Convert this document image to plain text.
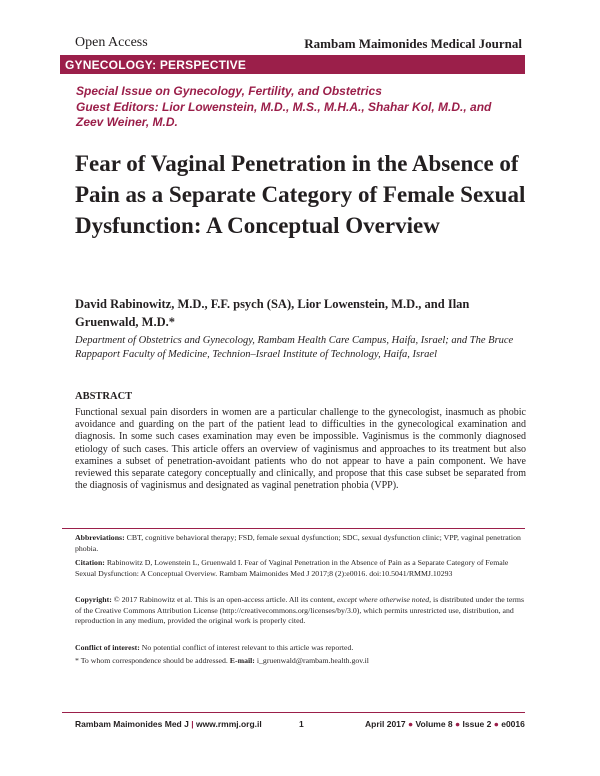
Open Access	Rambam Maimonides Medical Journal
GYNECOLOGY: PERSPECTIVE
Special Issue on Gynecology, Fertility, and Obstetrics
Guest Editors: Lior Lowenstein, M.D., M.S., M.H.A., Shahar Kol, M.D., and
Zeev Weiner, M.D.
Fear of Vaginal Penetration in the Absence of Pain as a Separate Category of Female Sexual Dysfunction: A Conceptual Overview
David Rabinowitz, M.D., F.F. psych (SA), Lior Lowenstein, M.D., and Ilan Gruenwald, M.D.*
Department of Obstetrics and Gynecology, Rambam Health Care Campus, Haifa, Israel; and The Bruce Rappaport Faculty of Medicine, Technion–Israel Institute of Technology, Haifa, Israel
ABSTRACT
Functional sexual pain disorders in women are a particular challenge to the gynecologist, inasmuch as phobic avoidance and guarding on the part of the patient lead to difficulties in the gynecological examination and diagnosis. In some such cases examination may even be impossible. Vaginismus is the commonly diagnosed etiology of such cases. This article offers an overview of vaginismus and approaches to its treatment but also examines a subset of penetration-avoidant patients who do not appear to have a pain component. We have reviewed this separate category conceptually and clinically, and propose that this case subset be separated from the diagnosis of vaginismus and designated as vaginal penetration phobia (VPP).
Abbreviations: CBT, cognitive behavioral therapy; FSD, female sexual dysfunction; SDC, sexual dysfunction clinic; VPP, vaginal penetration phobia.
Citation: Rabinowitz D, Lowenstein L, Gruenwald I. Fear of Vaginal Penetration in the Absence of Pain as a Separate Category of Female Sexual Dysfunction: A Conceptual Overview. Rambam Maimonides Med J 2017;8 (2):e0016. doi:10.5041/RMMJ.10293
Copyright: © 2017 Rabinowitz et al. This is an open-access article. All its content, except where otherwise noted, is distributed under the terms of the Creative Commons Attribution License (http://creativecommons.org/licenses/by/3.0), which permits unrestricted use, distribution, and reproduction in any medium, provided the original work is properly cited.
Conflict of interest: No potential conflict of interest relevant to this article was reported.
* To whom correspondence should be addressed. E-mail: i_gruenwald@rambam.health.gov.il
Rambam Maimonides Med J | www.rmmj.org.il	1	April 2017 ● Volume 8 ● Issue 2 ● e0016
